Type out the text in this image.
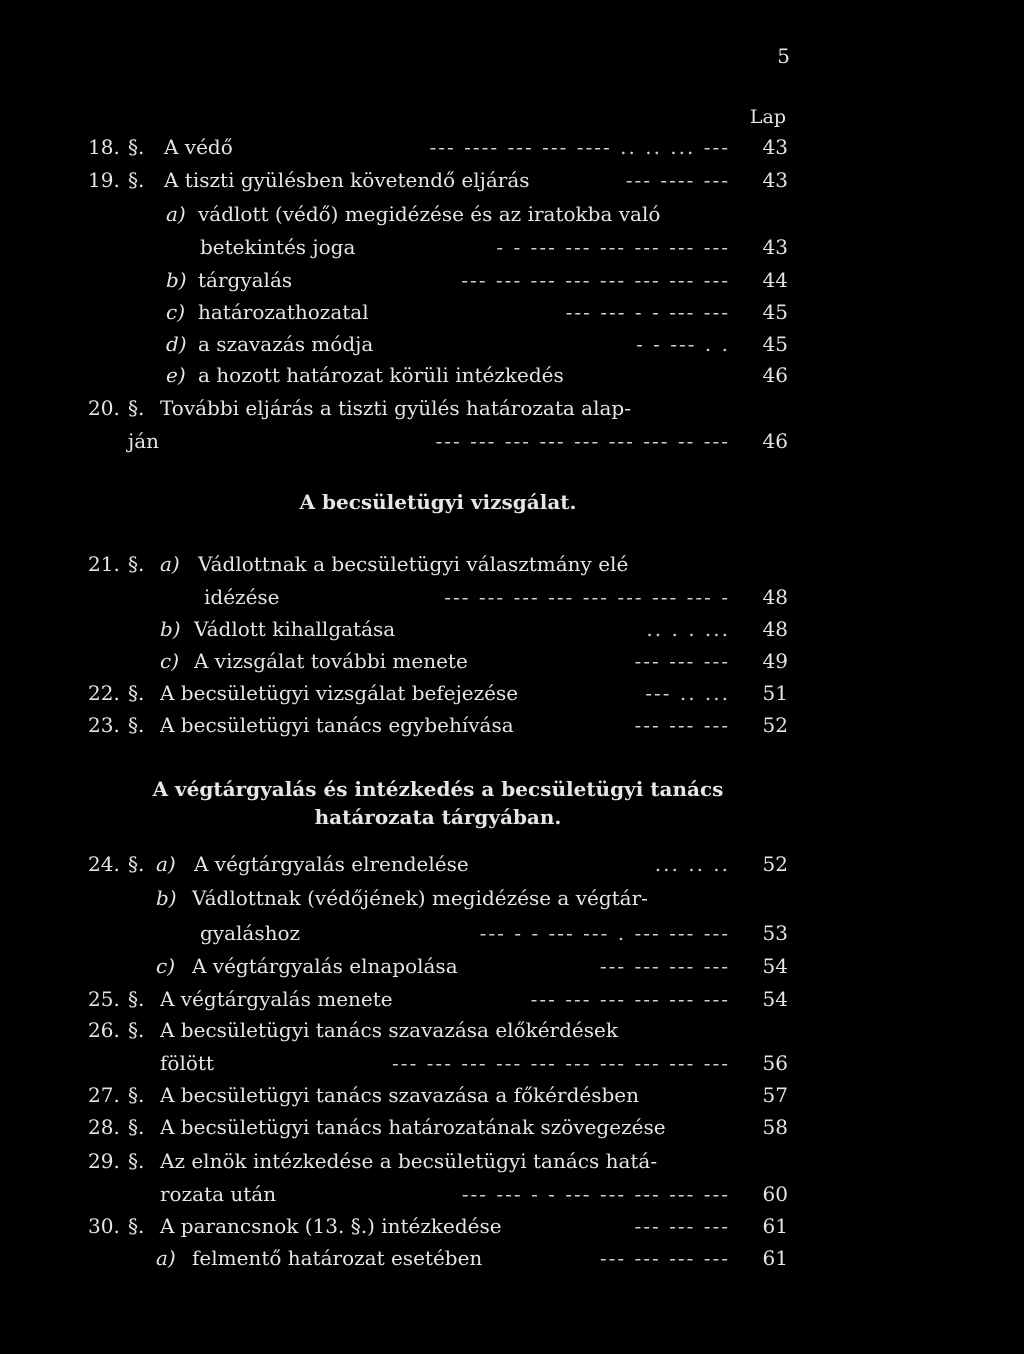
5
Lap
18. §. A védő	--- ---- --- --- ---- .. .. ... ---	43
19. §. A tiszti gyülésben követendő eljárás	--- ---- ---	43
a) vádlott (védő) megidézése és az iratokba való
betekintés joga	- - --- --- --- --- --- ---	43
b) tárgyalás	--- --- --- --- --- --- --- ---	44
c) határozathozatal	--- --- - - --- ---	45
d) a szavazás módja	- - --- . .	45
e) a hozott határozat körüli intézkedés	46
20. §. További eljárás a tiszti gyülés határozata alap-
ján	--- --- --- --- --- --- --- -- ---	46
A becsületügyi vizsgálat.
21. §. a) Vádlottnak a becsületügyi választmány elé
idézése	--- --- --- --- --- --- --- --- -	48
b) Vádlott kihallgatása	.. . . ...	48
c) A vizsgálat további menete	--- --- ---	49
22. §. A becsületügyi vizsgálat befejezése	--- .. ...	51
23. §. A becsületügyi tanács egybehívása	--- --- ---	52
A végtárgyalás és intézkedés a becsületügyi tanács
határozata tárgyában.
24. §. a) A végtárgyalás elrendelése	... .. ..	52
b) Vádlottnak (védőjének) megidézése a végtár-
gyaláshoz	--- - - --- --- . --- --- ---	53
c) A végtárgyalás elnapolása	--- --- --- ---	54
25. §. A végtárgyalás menete	--- --- --- --- --- ---	54
26. §. A becsületügyi tanács szavazása előkérdések
fölött	--- --- --- --- --- --- --- --- --- ---	56
27. §. A becsületügyi tanács szavazása a főkérdésben	57
28. §. A becsületügyi tanács határozatának szövegezése	58
29. §. Az elnök intézkedése a becsületügyi tanács hatá-
rozata után	--- --- - - --- --- --- --- ---	60
30. §. A parancsnok (13. §.) intézkedése	--- --- ---	61
a) felmentő határozat esetében	--- --- --- ---	61
